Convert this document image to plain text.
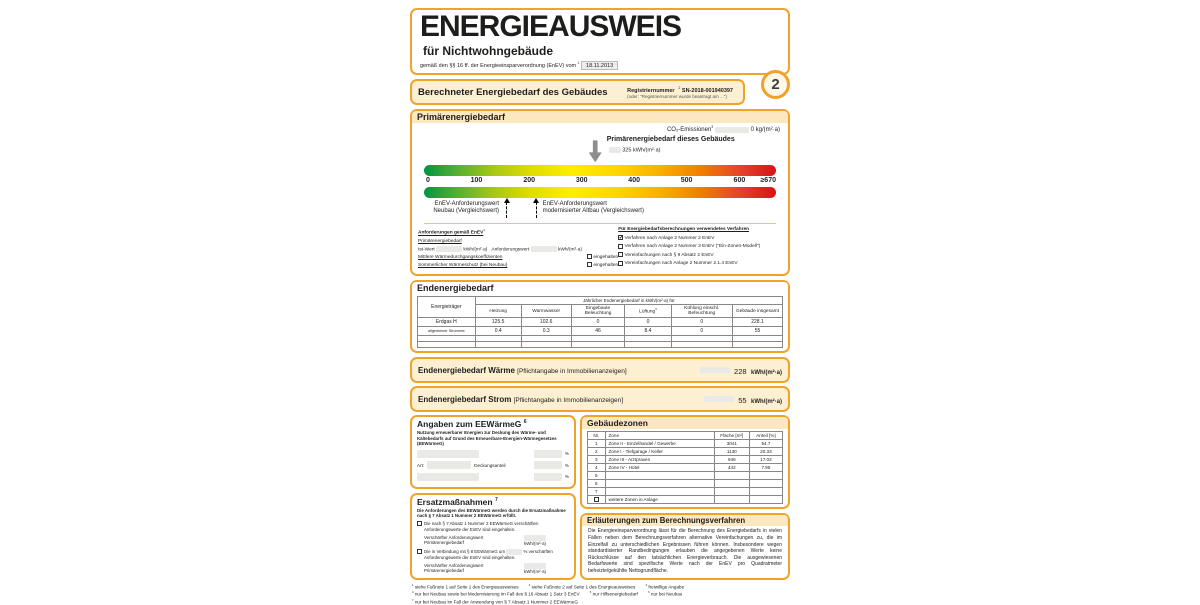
ENERGIEAUSWEIS für Nichtwohngebäude
gemäß den §§ 16 ff. der Energieeinsparverordnung (EnEV) vom $^1$ 18.11.2013
Berechneter Energiebedarf des Gebäudes	Registriernummer $^2$ SN-2018-001940397
(oder: "Registriernummer wurde beantragt am ...")
2
Primärenergiebedarf
CO₂-Emissionen$^3$	0 kg/(m²·a)
Primärenergiebedarf dieses Gebäudes
325 kWh/(m²·a)
0	100	200	300	400	500	600 ≥670
EnEV-Anforderungswert
Neubau (Vergleichswert)
EnEV-Anforderungswert
modernisierter Altbau (Vergleichswert)
Anforderungen gemäß EnEV$^4$
Primärenergiebedarf
Ist-Wert	kWh/(m²·a) Anforderungswert	kWh/(m²·a)
Mittlere Wärmedurchgangskoeffizienten	eingehalten
Sommerlicher Wärmeschutz (bei Neubau)	eingehalten
Für Energiebedarfsberechnungen verwendetes Verfahren
✓ Verfahren nach Anlage 2 Nummer 2 EnEV
Verfahren nach Anlage 2 Nummer 3 EnEV ("Ein-Zonen-Modell")
Vereinfachungen nach § 9 Absatz 2 EnEV
Vereinfachungen nach Anlage 2 Nummer 2.1.4 EnEV
Endenergiebedarf
Energieträger	Jährlicher Endenergiebedarf in kWh/(m²·a) für					
	Heizung	Warmwasser	Eingebaute Beleuchtung	Lüftung$^5$	Kühlung einschl. Befeuchtung	Gebäude insgesamt
Erdgas H	125.5	102.6	0	0	0	228.1
allgemeiner Strommix	0.4	0.3	46	8.4	0	55

Endenergiebedarf Wärme [Pflichtangabe in Immobilienanzeigen]	228 kWh/(m²·a)
Endenergiebedarf Strom [Pflichtangabe in Immobilienanzeigen]	55 kWh/(m²·a)
Angaben zum EEWärmeG $^6$
Nutzung erneuerbarer Energien zur Deckung des Wärme- und Kältebedarfs auf Grund des Erneuerbare-Energien-Wärmegesetzes (EEWärmeG)
%
Art:	Deckungsanteil	%
%
Ersatzmaßnahmen $^7$
Die Anforderungen des EEWärmeG werden durch die Ersatzmaßnahme nach § 7 Absatz 1 Nummer 2 EEWärmeG erfüllt.
Die nach § 7 Absatz 1 Nummer 2 EEWärmeG verschärften Anforderungswerte der EnEV sind eingehalten.
Verschärfter Anforderungswert Primärenergiebedarf	kWh/(m²·a)
Die in Verbindung mit § 8 EEWärmeG um	% verschärften Anforderungswerte der EnEV sind eingehalten.
Verschärfter Anforderungswert Primärenergiebedarf	kWh/(m²·a)
Gebäudezonen
Nr.	Zone	Fläche [m²]	Anteil [%]
1	Zone II - Einzelhandel / Gewerbe	3041	54.7
2	Zone I - Tiefgarage / Keller	1130	20.33
3	Zone III - Arztpraxen	946	17.02
4	Zone IV - Hotel	442	7.95
5			
6			
7			
	weitere Zonen in Anlage		
Erläuterungen zum Berechnungsverfahren
Die Energieeinsparverordnung lässt für die Berechnung des Energiebedarfs in vielen Fällen neben dem Berechnungsverfahren alternative Vereinfachungen zu, die im Einzelfall zu unterschiedlichen Ergebnissen führen können. Insbesondere wegen standardisierter Randbedingungen erlauben die angegebenen Werte keine Rückschlüsse auf den tatsächlichen Energieverbrauch. Die ausgewiesenen Bedarfswerte sind spezifische Werte nach der EnEV pro Quadratmeter beheizte/gekühlte Nettogrundfläche.
$^1$ siehe Fußnote 1 auf Seite 1 des Energieausweises	$^2$ siehe Fußnote 2 auf Seite 1 des Energieausweises	$^3$ freiwillige Angabe $^4$ nur bei Neubau sowie bei Modernisierung im Fall des § 16 Absatz 1 Satz 3 EnEV	$^5$ nur Hilfsenergiebedarf	$^6$ nur bei Neubau $^7$ nur bei Neubau im Fall der Anwendung von § 7 Absatz 1 Nummer 2 EEWärmeG
